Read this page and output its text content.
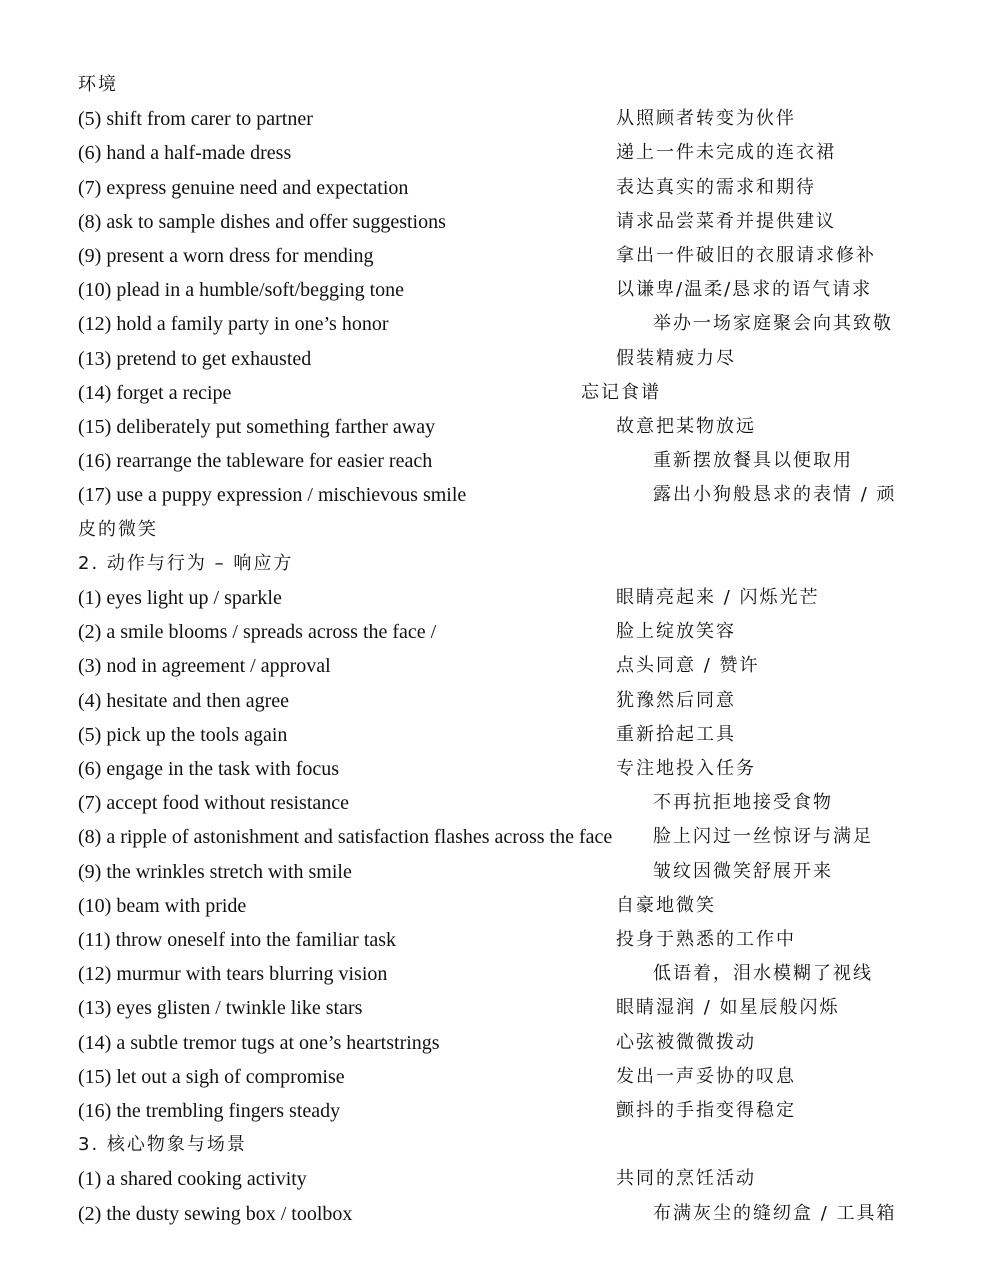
环境
(5) shift from carer to partner	从照顾者转变为伙伴
(6) hand a half-made dress	递上一件未完成的连衣裙
(7) express genuine need and expectation	表达真实的需求和期待
(8) ask to sample dishes and offer suggestions	请求品尝菜肴并提供建议
(9) present a worn dress for mending	拿出一件破旧的衣服请求修补
(10) plead in a humble/soft/begging tone	以谦卑/温柔/恳求的语气请求
(12) hold a family party in one’s honor	举办一场家庭聚会向其致敬
(13) pretend to get exhausted	假装精疲力尽
(14) forget a recipe	忘记食谱
(15) deliberately put something farther away	故意把某物放远
(16) rearrange the tableware for easier reach	重新摆放餐具以便取用
(17) use a puppy expression / mischievous smile	露出小狗般恳求的表情 / 顽
皮的微笑
2. 动作与行为 – 响应方
(1) eyes light up / sparkle	眼睛亮起来 / 闪烁光芒
(2) a smile blooms / spreads across the face /	脸上绽放笑容
(3) nod in agreement / approval	点头同意 / 赞许
(4) hesitate and then agree	犹豫然后同意
(5) pick up the tools again	重新拾起工具
(6) engage in the task with focus	专注地投入任务
(7) accept food without resistance	不再抗拒地接受食物
(8) a ripple of astonishment and satisfaction flashes across the face 脸上闪过一丝惊讶与满足
(9) the wrinkles stretch with smile	皱纹因微笑舒展开来
(10) beam with pride	自豪地微笑
(11) throw oneself into the familiar task	投身于熟悉的工作中
(12) murmur with tears blurring vision	低语着，泪水模糊了视线
(13) eyes glisten / twinkle like stars	眼睛湿润 / 如星辰般闪烁
(14) a subtle tremor tugs at one’s heartstrings	心弦被微微拨动
(15) let out a sigh of compromise	发出一声妥协的叹息
(16) the trembling fingers steady	颤抖的手指变得稳定
3. 核心物象与场景
(1) a shared cooking activity	共同的烹饪活动
(2) the dusty sewing box / toolbox	布满灰尘的缝纫盒 / 工具箱
